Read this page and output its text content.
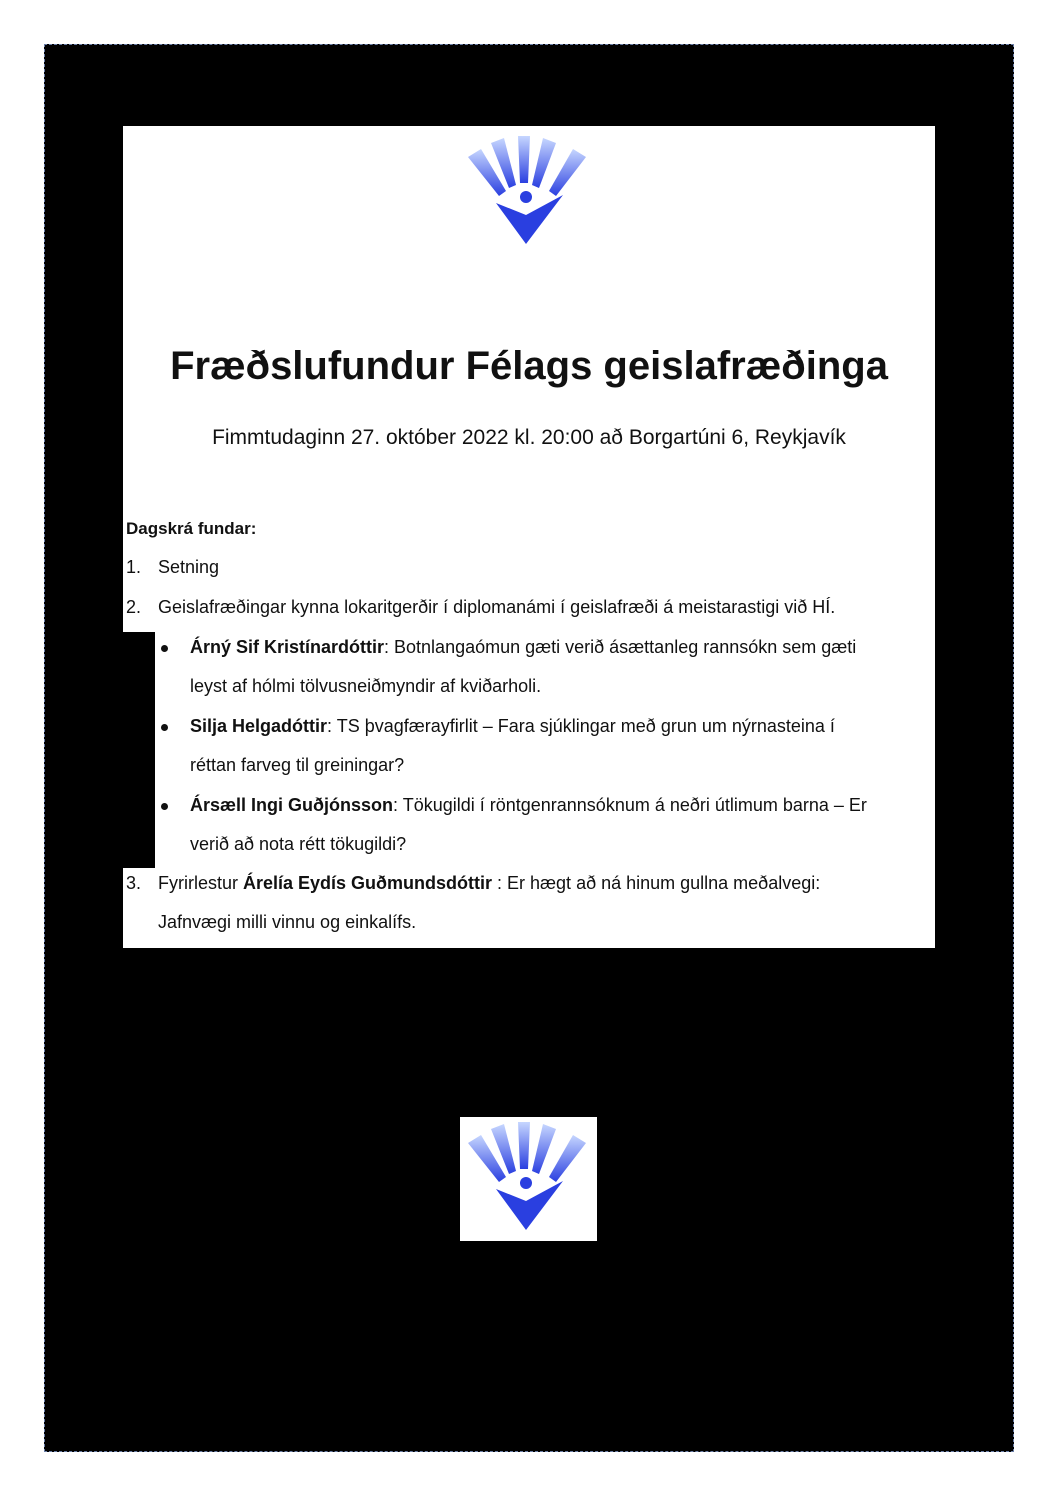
Fræðslufundur Félags geislafræðinga

Fimmtudaginn 27. október 2022 kl. 20:00 að Borgartúni 6, Reykjavík

Dagskrá fundar:
1. Setning
2. Geislafræðingar kynna lokaritgerðir í diplomanámi í geislafræði á meistarastigi við HÍ.
Árný Sif Kristínardóttir: Botnlangaómun gæti verið ásættanleg rannsókn sem gæti
leyst af hólmi tölvusneiðmyndir af kviðarholi.
Silja Helgadóttir: TS þvagfærayfirlit – Fara sjúklingar með grun um nýrnasteina í
réttan farveg til greiningar?
Ársæll Ingi Guðjónsson: Tökugildi í röntgenrannsóknum á neðri útlimum barna – Er
verið að nota rétt tökugildi?
3. Fyrirlestur Árelía Eydís Guðmundsdóttir : Er hægt að ná hinum gullna meðalvegi:
Jafnvægi milli vinnu og einkalífs.
